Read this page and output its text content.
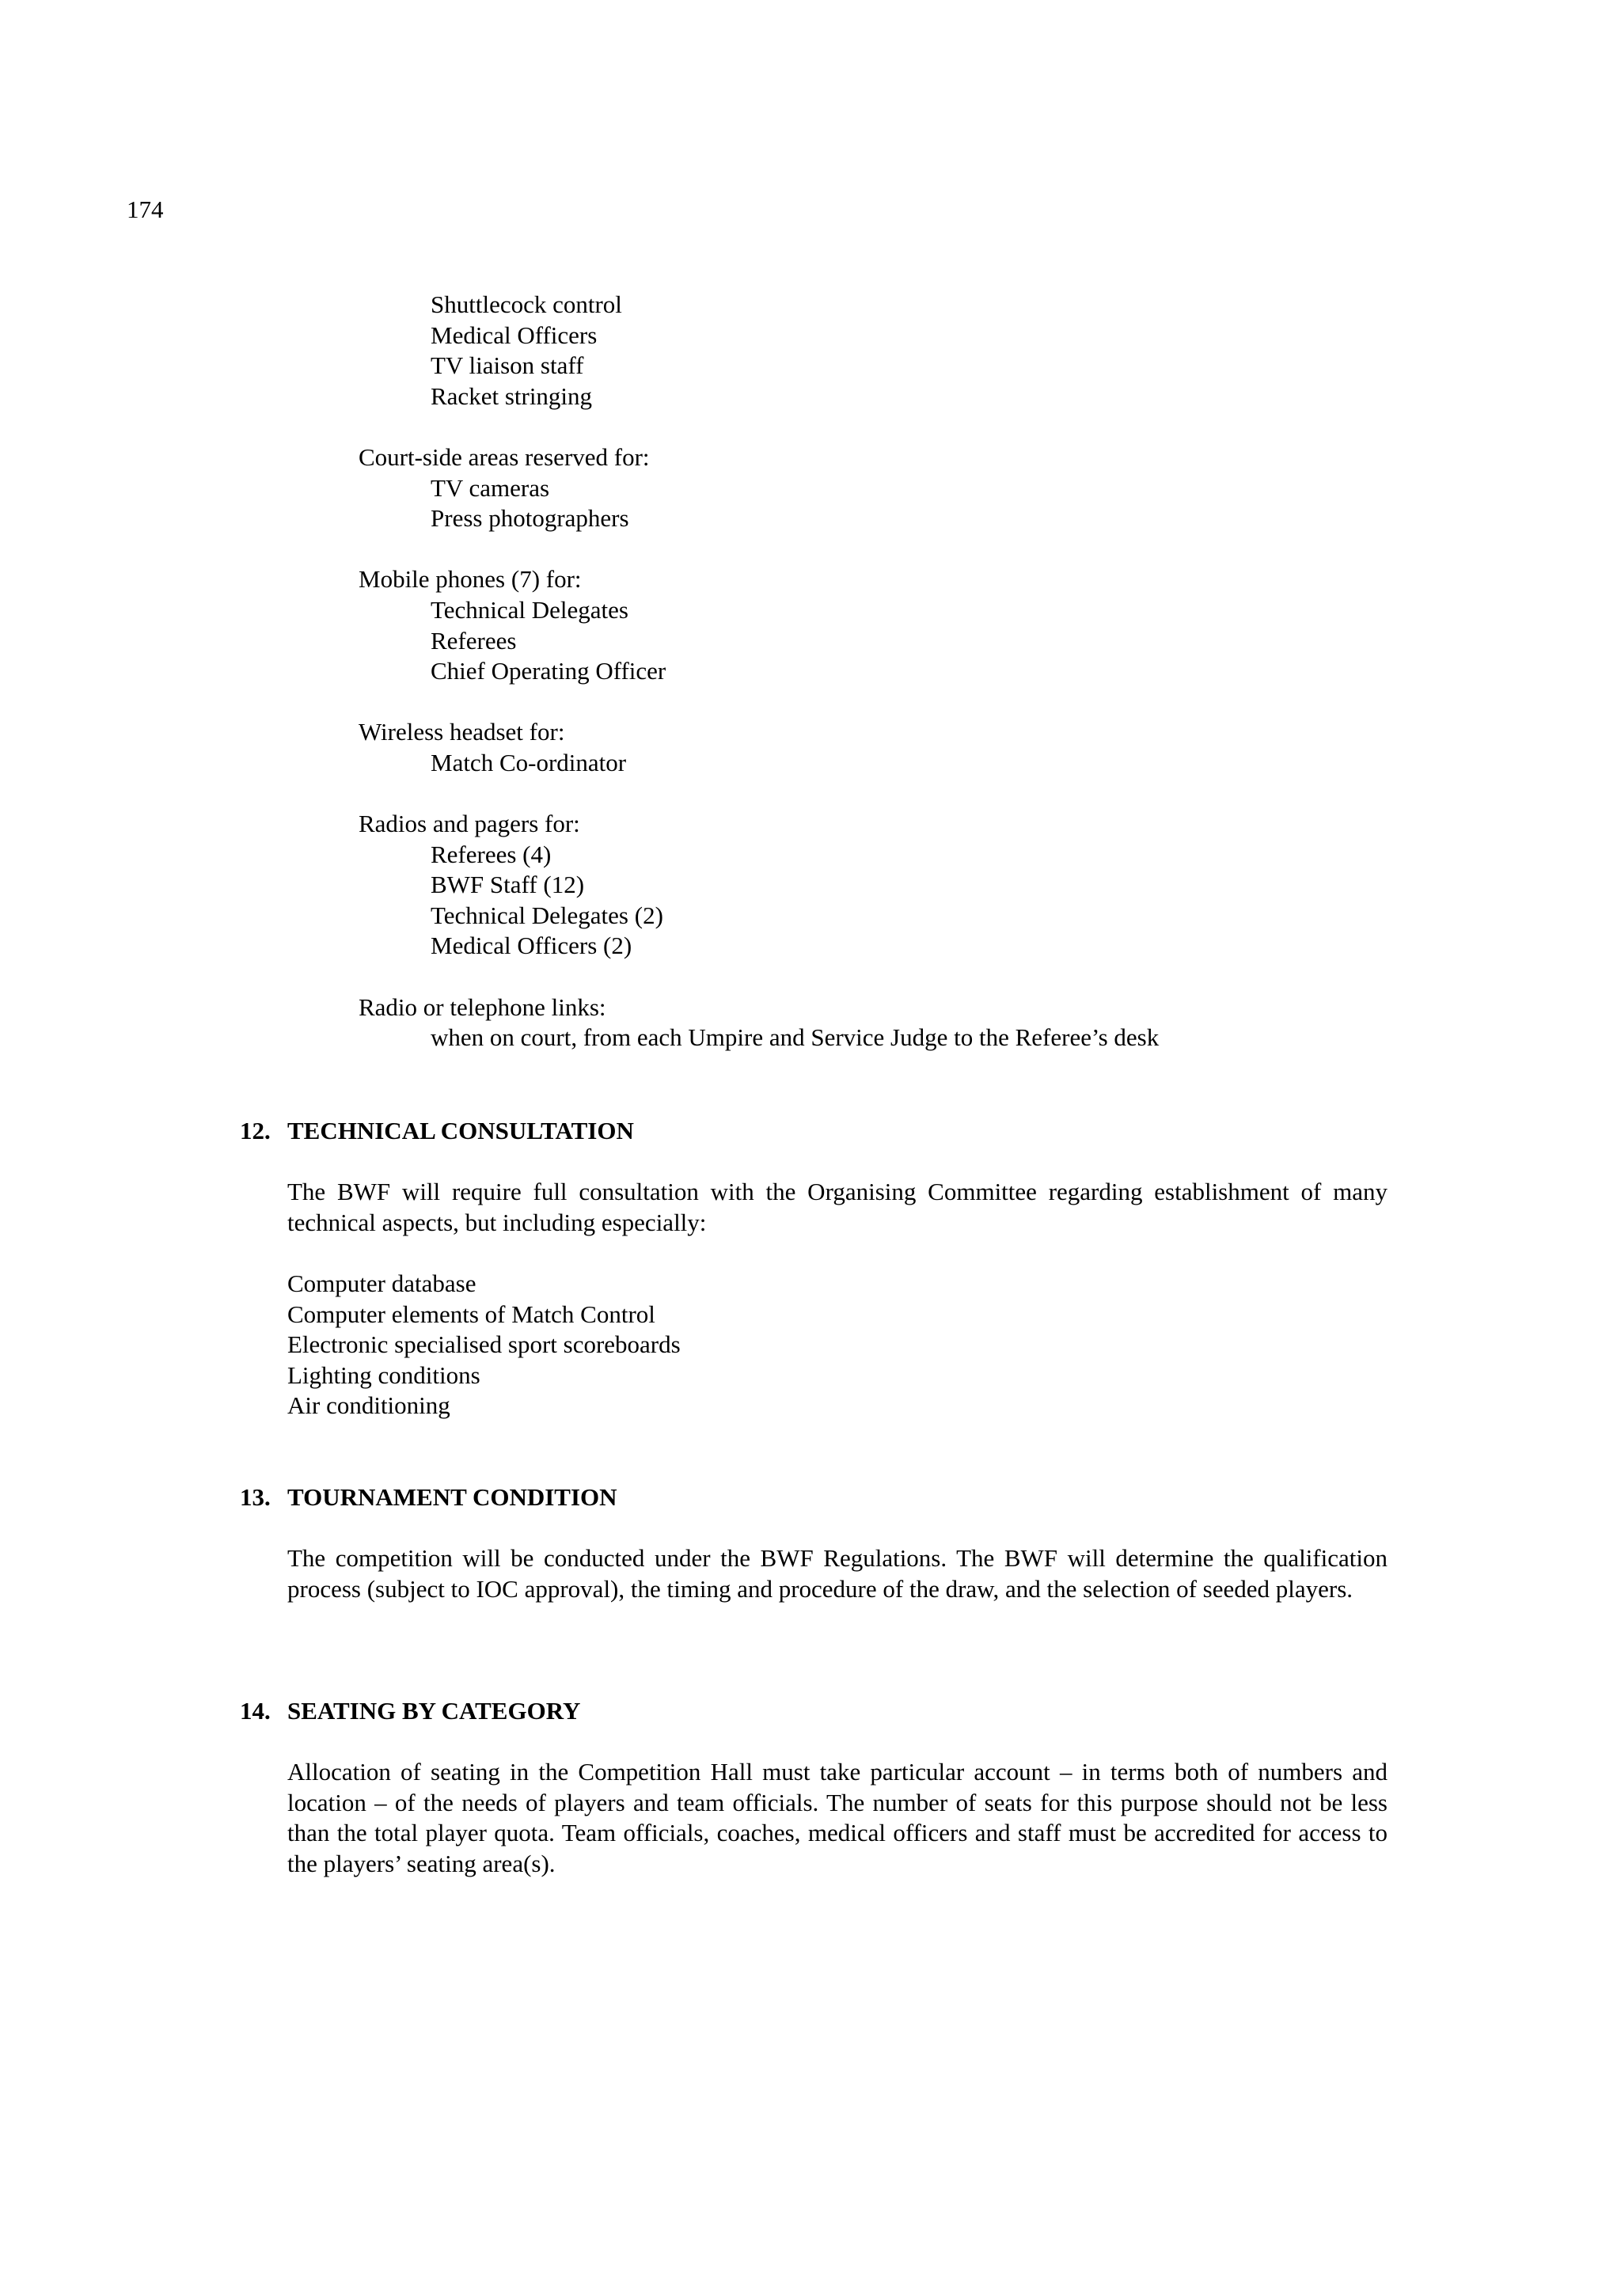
174

Shuttlecock control

Medical Officers

TV liaison staff

Racket stringing

Court-side areas reserved for:

TV cameras

Press photographers

Mobile phones (7) for:

Technical Delegates

Referees

Chief Operating Officer

Wireless headset for:

Match Co-ordinator

Radios and pagers for:

Referees (4)

BWF Staff (12)

Technical Delegates (2)

Medical Officers (2)

Radio or telephone links:

when on court, from each Umpire and Service Judge to the Referee’s desk

12. TECHNICAL CONSULTATION

The BWF will require full consultation with the Organising Committee regarding establishment of many technical aspects, but including especially:

Computer database
Computer elements of Match Control
Electronic specialised sport scoreboards
Lighting conditions
Air conditioning

13. TOURNAMENT CONDITION

The competition will be conducted under the BWF Regulations. The BWF will determine the qualification process (subject to IOC approval), the timing and procedure of the draw, and the selection of seeded players.

14. SEATING BY CATEGORY

Allocation of seating in the Competition Hall must take particular account – in terms both of numbers and location – of the needs of players and team officials. The number of seats for this purpose should not be less than the total player quota. Team officials, coaches, medical officers and staff must be accredited for access to the players’ seating area(s).
